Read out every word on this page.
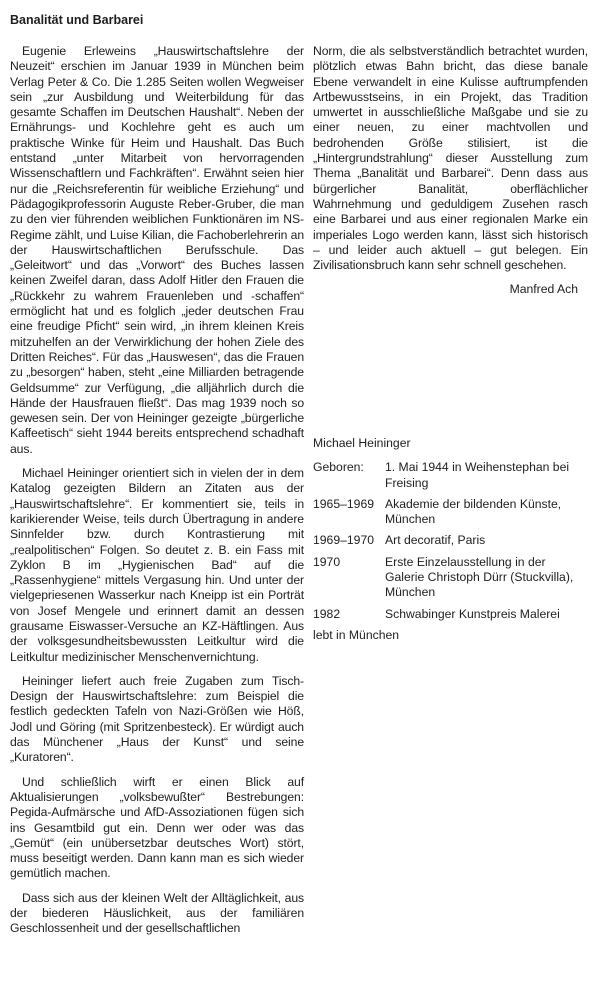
Banalität und Barbarei

Eugenie Erleweins „Hauswirtschaftslehre der Neuzeit“ erschien im Januar 1939 in München beim Verlag Peter & Co. Die 1.285 Seiten wollen Wegweiser sein „zur Ausbildung und Weiterbildung für das gesamte Schaffen im Deutschen Haushalt“. Neben der Ernährungs- und Kochlehre geht es auch um praktische Winke für Heim und Haushalt. Das Buch entstand „unter Mitarbeit von hervorragenden Wissenschaftlern und Fachkräften“. Erwähnt seien hier nur die „Reichsreferentin für weibliche Erziehung“ und Pädagogikprofessorin Auguste Reber-Gruber, die man zu den vier führenden weiblichen Funktionären im NS-Regime zählt, und Luise Kilian, die Fachoberlehrerin an der Hauswirtschaftlichen Berufsschule. Das „Geleitwort“ und das „Vorwort“ des Buches lassen keinen Zweifel daran, dass Adolf Hitler den Frauen die „Rückkehr zu wahrem Frauenleben und -schaffen“ ermöglicht hat und es folglich „jeder deutschen Frau eine freudige Pficht“ sein wird, „in ihrem kleinen Kreis mitzuhelfen an der Verwirklichung der hohen Ziele des Dritten Reiches“. Für das „Hauswesen“, das die Frauen zu „besorgen“ haben, steht „eine Milliarden betragende Geldsumme“ zur Verfügung, „die alljährlich durch die Hände der Hausfrauen fließt“. Das mag 1939 noch so gewesen sein. Der von Heininger gezeigte „bürgerliche Kaffeetisch“ sieht 1944 bereits entsprechend schadhaft aus.

Michael Heininger orientiert sich in vielen der in dem Katalog gezeigten Bildern an Zitaten aus der „Hauswirtschaftslehre“. Er kommentiert sie, teils in karikierender Weise, teils durch Übertragung in andere Sinnfelder bzw. durch Kontrastierung mit „realpolitischen“ Folgen. So deutet z. B. ein Fass mit Zyklon B im „Hygienischen Bad“ auf die „Rassenhygiene“ mittels Vergasung hin. Und unter der vielgepriesenen Wasserkur nach Kneipp ist ein Porträt von Josef Mengele und erinnert damit an dessen grausame Eiswasser-Versuche an KZ-Häftlingen. Aus der volksgesundheitsbewussten Leitkultur wird die Leitkultur medizinischer Menschenvernichtung.

Heininger liefert auch freie Zugaben zum Tisch-Design der Hauswirtschaftslehre: zum Beispiel die festlich gedeckten Tafeln von Nazi-Größen wie Höß, Jodl und Göring (mit Spritzenbesteck). Er würdigt auch das Münchener „Haus der Kunst“ und seine „Kuratoren“.

Und schließlich wirft er einen Blick auf Aktualisierungen „volksbewußter“ Bestrebungen: Pegida-Aufmärsche und AfD-Assoziationen fügen sich ins Gesamtbild gut ein. Denn wer oder was das „Gemüt“ (ein unübersetzbar deutsches Wort) stört, muss beseitigt werden. Dann kann man es sich wieder gemütlich machen.

Dass sich aus der kleinen Welt der Alltäglichkeit, aus der biederen Häuslichkeit, aus der familiären Geschlossenheit und der gesellschaftlichen

Norm, die als selbstverständlich betrachtet wurden, plötzlich etwas Bahn bricht, das diese banale Ebene verwandelt in eine Kulisse auftrumpfenden Artbewusstseins, in ein Projekt, das Tradition umwertet in ausschließliche Maßgabe und sie zu einer neuen, zu einer machtvollen und bedrohenden Größe stilisiert, ist die „Hintergrundstrahlung“ dieser Ausstellung zum Thema „Banalität und Barbarei“. Denn dass aus bürgerlicher Banalität, oberflächlicher Wahrnehmung und geduldigem Zusehen rasch eine Barbarei und aus einer regionalen Marke ein imperiales Logo werden kann, lässt sich historisch – und leider auch aktuell – gut belegen. Ein Zivilisationsbruch kann sehr schnell geschehen.

Manfred Ach
Michael Heininger
Geboren:	1. Mai 1944 in Weihenstephan bei Freising
1965–1969 Akademie der bildenden Künste, München
1969–1970 Art decoratif, Paris
1970	Erste Einzelausstellung in der Galerie Christoph Dürr (Stuckvilla), München
1982	Schwabinger Kunstpreis Malerei
lebt in München
